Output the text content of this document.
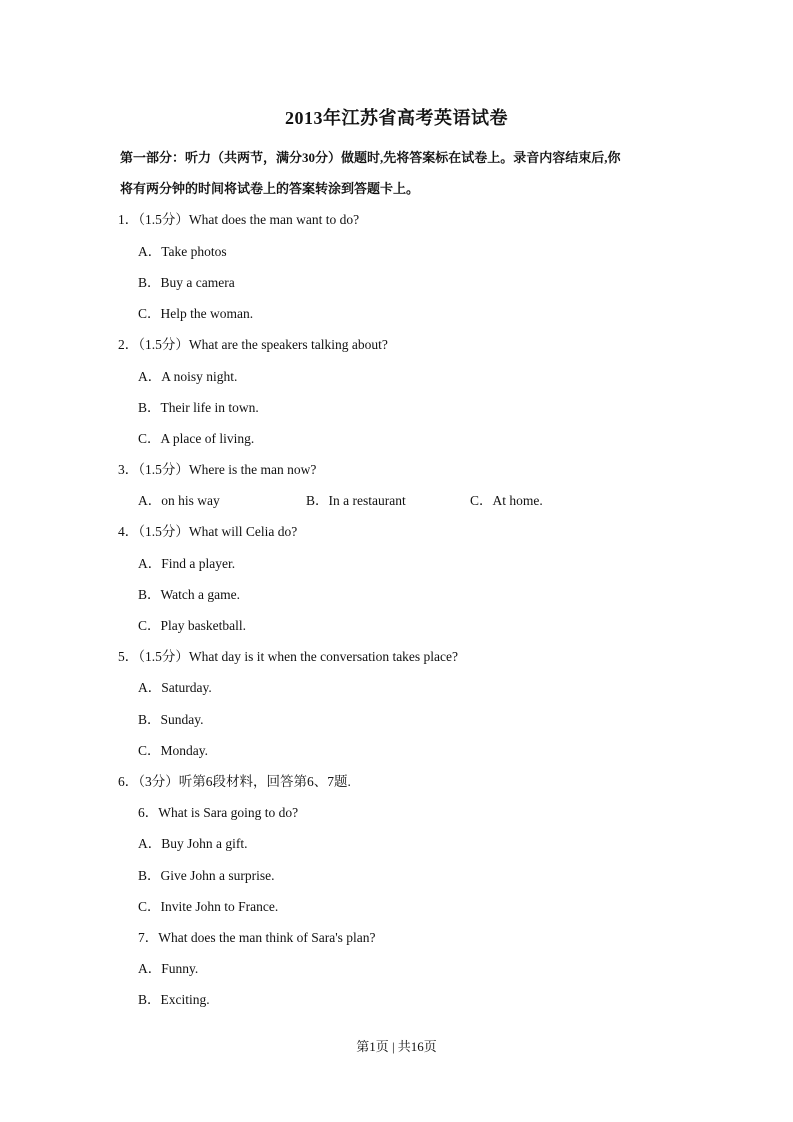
2013年江苏省高考英语试卷
第一部分：听力（共两节，满分30分）做题时,先将答案标在试卷上。录音内容结束后,你
将有两分钟的时间将试卷上的答案转涂到答题卡上。
1．（1.5分）What does the man want to do?
A．Take photos
B．Buy a camera
C．Help the woman.
2．（1.5分）What are the speakers talking about?
A．A noisy night.
B．Their life in town.
C．A place of living.
3．（1.5分）Where is the man now?
A．on his way	B．In a restaurant	C．At home.
4．（1.5分）What will Celia do?
A．Find a player.
B．Watch a game.
C．Play basketball.
5．（1.5分）What day is it when the conversation takes place?
A．Saturday.
B．Sunday.
C．Monday.
6．（3分）听第6段材料，回答第6、7题.
6．What is Sara going to do?
A．Buy John a gift.
B．Give John a surprise.
C．Invite John to France.
7．What does the man think of Sara's plan?
A．Funny.
B．Exciting.
第1页 | 共16页
